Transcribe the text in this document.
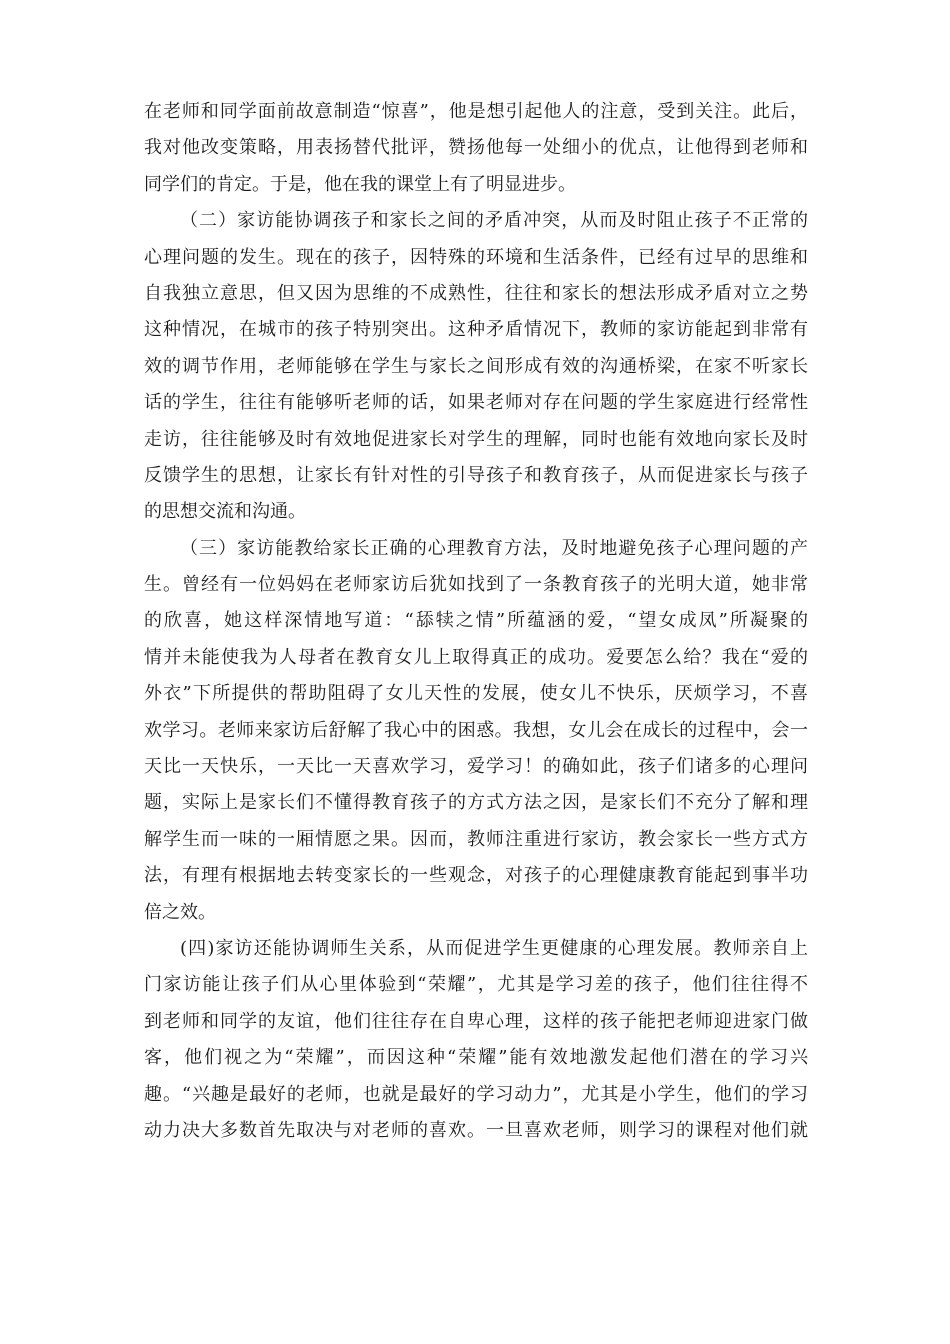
在老师和同学面前故意制造“惊喜”，他是想引起他人的注意，受到关注。此后，
我对他改变策略，用表扬替代批评，赞扬他每一处细小的优点，让他得到老师和
同学们的肯定。于是，他在我的课堂上有了明显进步。
（二）家访能协调孩子和家长之间的矛盾冲突，从而及时阻止孩子不正常的
心理问题的发生。现在的孩子，因特殊的环境和生活条件，已经有过早的思维和
自我独立意思，但又因为思维的不成熟性，往往和家长的想法形成矛盾对立之势
这种情况，在城市的孩子特别突出。这种矛盾情况下，教师的家访能起到非常有
效的调节作用，老师能够在学生与家长之间形成有效的沟通桥梁，在家不听家长
话的学生，往往有能够听老师的话，如果老师对存在问题的学生家庭进行经常性
走访，往往能够及时有效地促进家长对学生的理解，同时也能有效地向家长及时
反馈学生的思想，让家长有针对性的引导孩子和教育孩子，从而促进家长与孩子
的思想交流和沟通。
（三）家访能教给家长正确的心理教育方法，及时地避免孩子心理问题的产
生。曾经有一位妈妈在老师家访后犹如找到了一条教育孩子的光明大道，她非常
的欣喜，她这样深情地写道：“舔犊之情”所蕴涵的爱，“望女成凤”所凝聚的
情并未能使我为人母者在教育女儿上取得真正的成功。爱要怎么给？我在“爱的
外衣”下所提供的帮助阻碍了女儿天性的发展，使女儿不快乐，厌烦学习，不喜
欢学习。老师来家访后舒解了我心中的困惑。我想，女儿会在成长的过程中，会一
天比一天快乐，一天比一天喜欢学习，爱学习！的确如此，孩子们诸多的心理问
题，实际上是家长们不懂得教育孩子的方式方法之因，是家长们不充分了解和理
解学生而一味的一厢情愿之果。因而，教师注重进行家访，教会家长一些方式方
法，有理有根据地去转变家长的一些观念，对孩子的心理健康教育能起到事半功
倍之效。
(四)家访还能协调师生关系，从而促进学生更健康的心理发展。教师亲自上
门家访能让孩子们从心里体验到“荣耀”，尤其是学习差的孩子，他们往往得不
到老师和同学的友谊，他们往往存在自卑心理，这样的孩子能把老师迎进家门做
客，他们视之为“荣耀”，而因这种“荣耀”能有效地激发起他们潜在的学习兴
趣。“兴趣是最好的老师，也就是最好的学习动力”，尤其是小学生，他们的学习
动力决大多数首先取决与对老师的喜欢。一旦喜欢老师，则学习的课程对他们就
